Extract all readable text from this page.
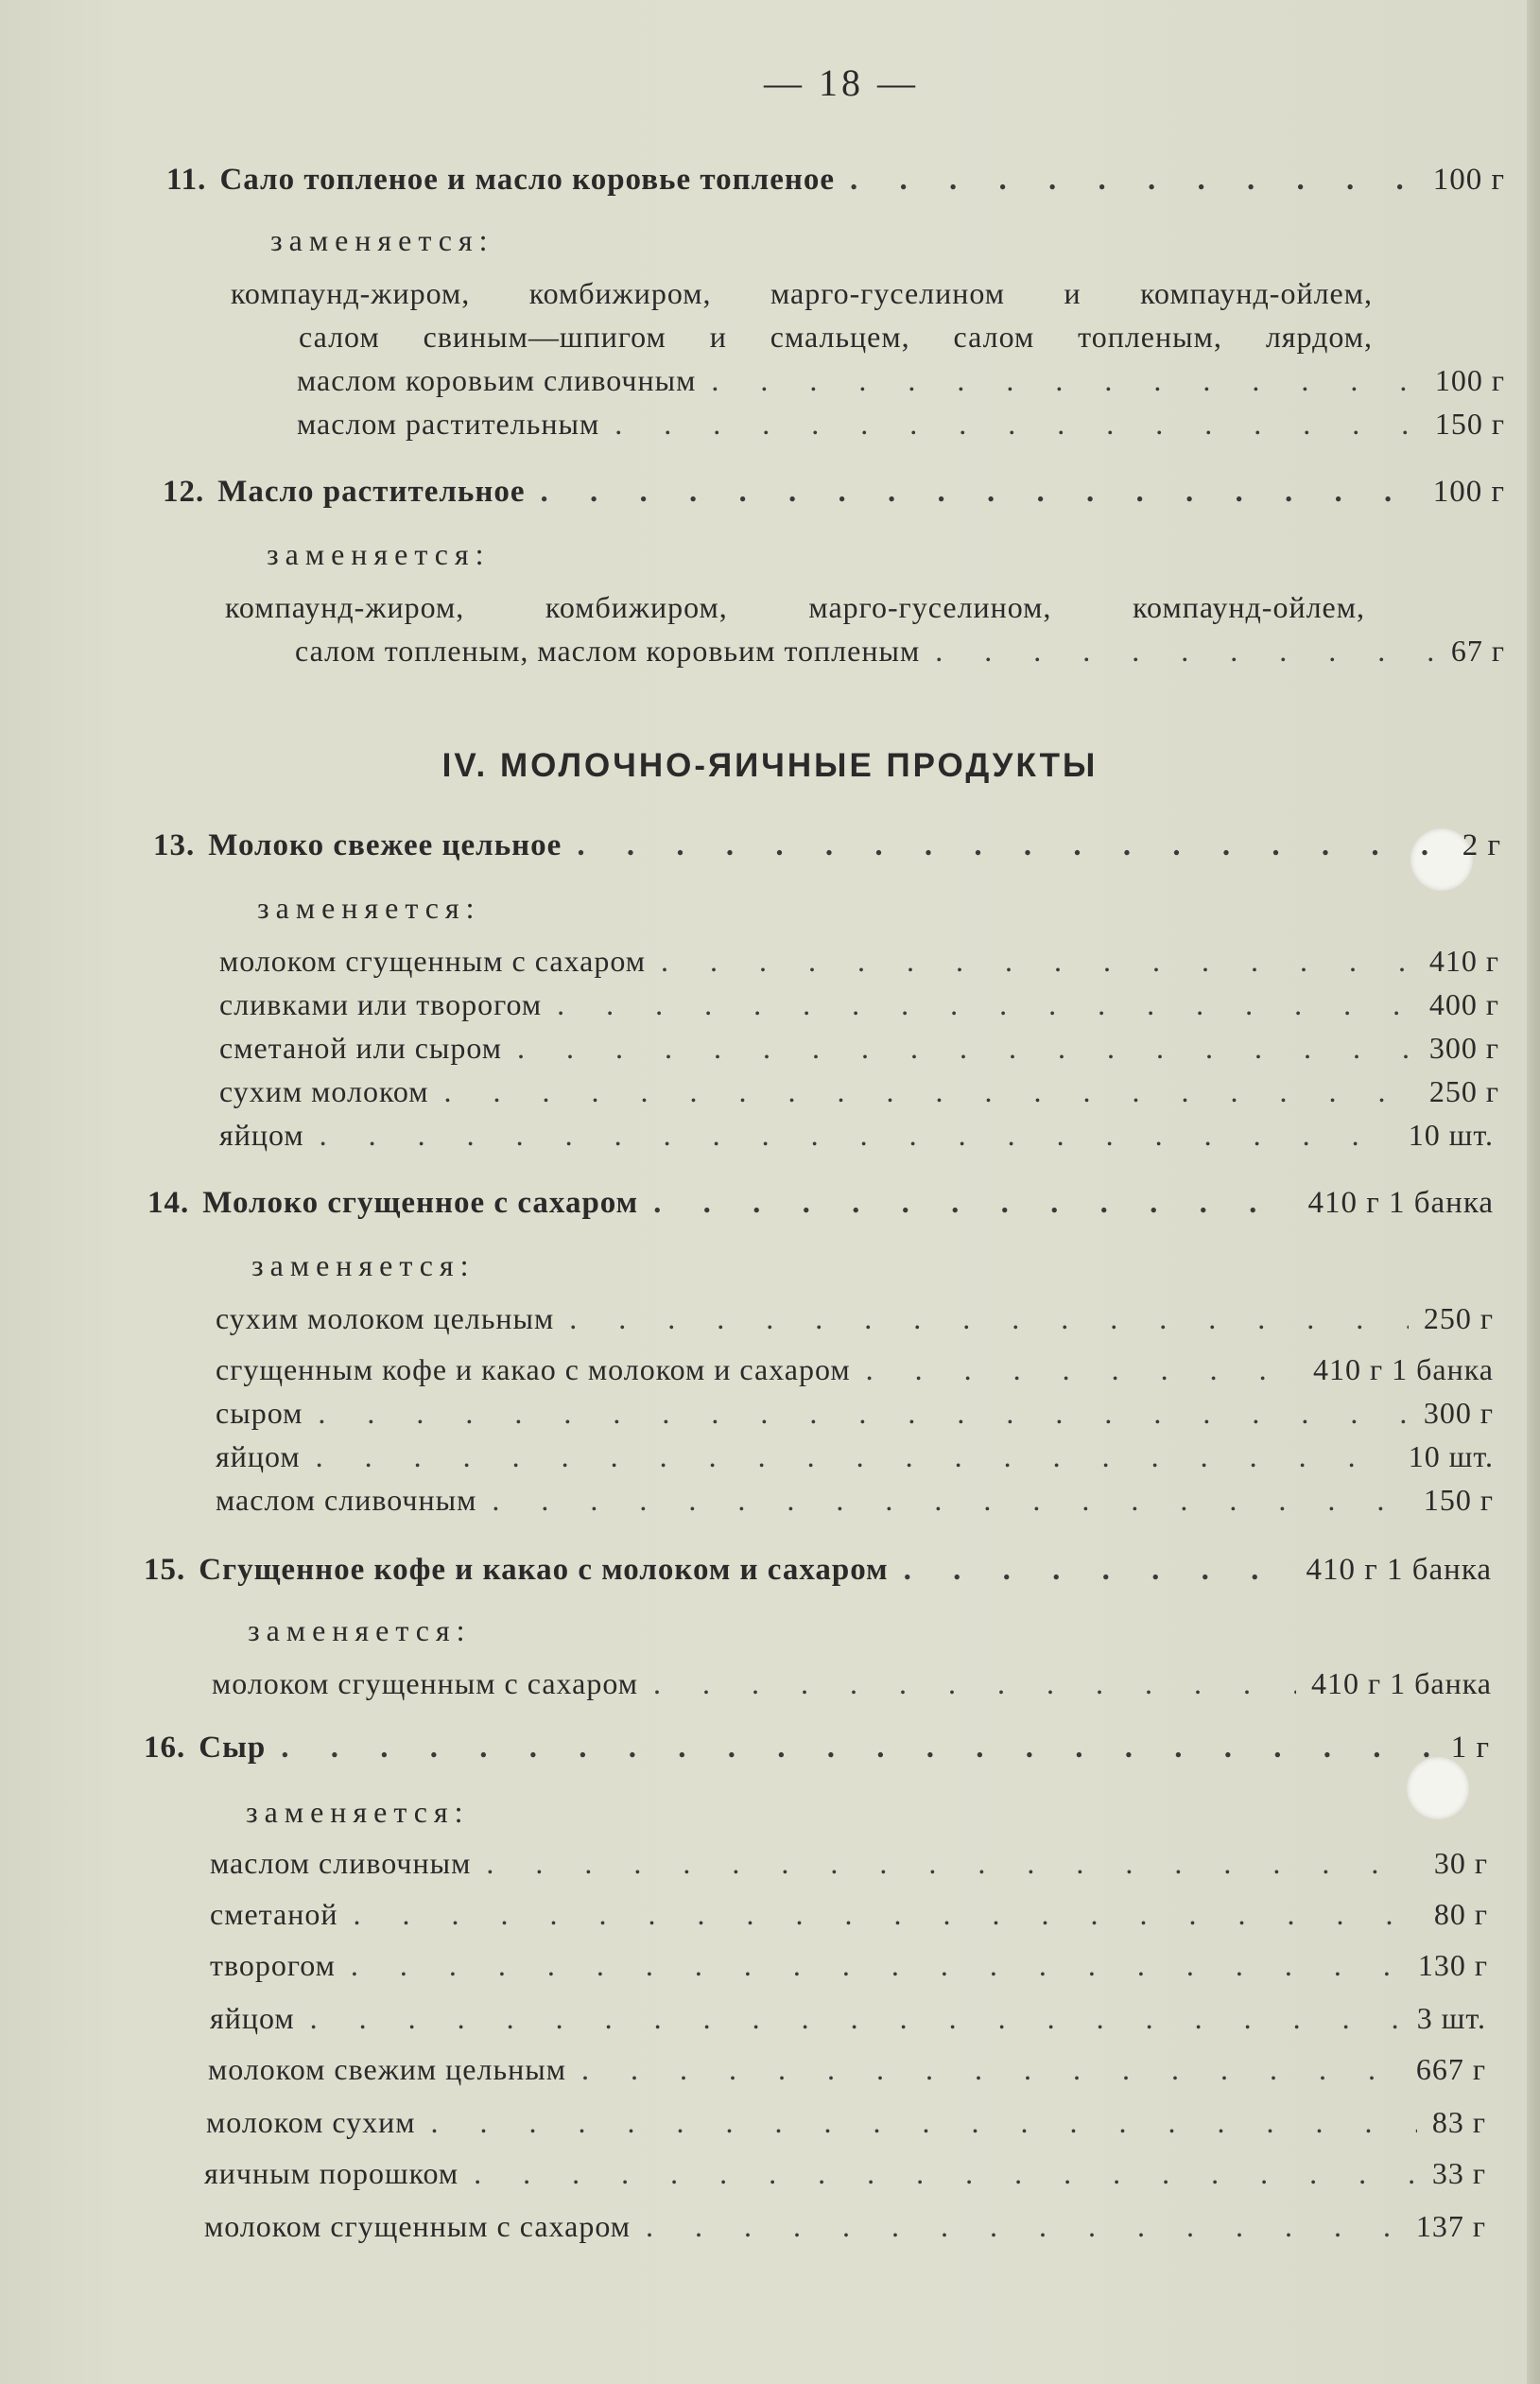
— 18 —
11. Сало топленое и масло коровье топленое . . .	100 г
заменяется:
компаунд-жиром, комбижиром, марго-гуселином и компаунд-ойлем,
салом свиным—шпигом и смальцем, салом топленым, лярдом,
маслом коровьим сливочным . . .	100 г
маслом растительным . . .	150 г
12. Масло растительное . . .	100 г
заменяется:
компаунд-жиром, комбижиром, марго-гуселином, компаунд-ойлем,
салом топленым, маслом коровьим топленым . . .	67 г
IV. МОЛОЧНО-ЯИЧНЫЕ ПРОДУКТЫ
13. Молоко свежее цельное . . .	2 г
заменяется:
молоком сгущенным с сахаром . . .	410 г
сливками или творогом . . .	400 г
сметаной или сыром . . .	300 г
сухим молоком . . .	250 г
яйцом . . .	10 шт.
14. Молоко сгущенное с сахаром . . .	410 г 1 банка
заменяется:
сухим молоком цельным . . .	250 г
сгущенным кофе и какао с молоком и сахаром . . .	410 г 1 банка
сыром . . .	300 г
яйцом . . .	10 шт.
маслом сливочным . . .	150 г
15. Сгущенное кофе и какао с молоком и сахаром . . .	410 г 1 банка
заменяется:
молоком сгущенным с сахаром . . .	410 г 1 банка
16. Сыр . . .	1 г
заменяется:
маслом сливочным . . .	30 г
сметаной . . .	80 г
творогом . . .	130 г
яйцом . . .	3 шт.
молоком свежим цельным . . .	667 г
молоком сухим . . .	83 г
яичным порошком . . .	33 г
молоком сгущенным с сахаром . . .	137 г
